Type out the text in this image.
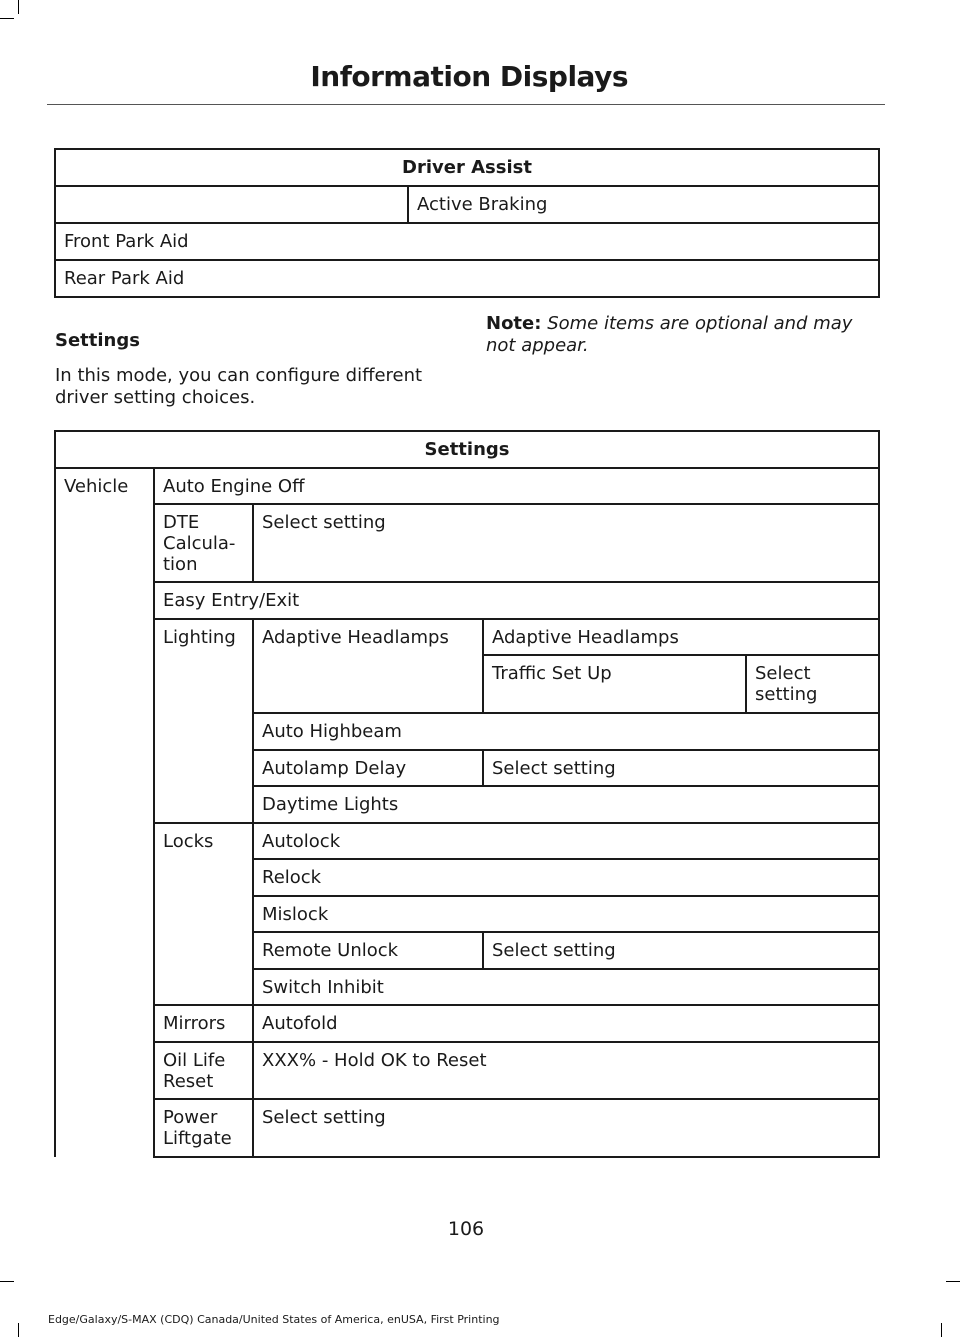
Information Displays
Driver Assist
	Active Braking
Front Park Aid
Rear Park Aid
Settings
In this mode, you can configure different driver setting choices.
Note: Some items are optional and may not appear.
Settings				
Vehicle	Auto Engine Off			
	DTE Calcula- tion	Select setting		
	Easy Entry/Exit			
	Lighting	Adaptive Headlamps	Adaptive Headlamps	
			Traffic Set Up	Select setting
		Auto Highbeam		
		Autolamp Delay	Select setting	
		Daytime Lights		
	Locks	Autolock		
		Relock		
		Mislock		
		Remote Unlock	Select setting	
		Switch Inhibit		
	Mirrors	Autofold		
	Oil Life Reset	XXX% - Hold OK to Reset		
	Power Liftgate	Select setting		
106
Edge/Galaxy/S-MAX (CDQ) Canada/United States of America, enUSA, First Printing
